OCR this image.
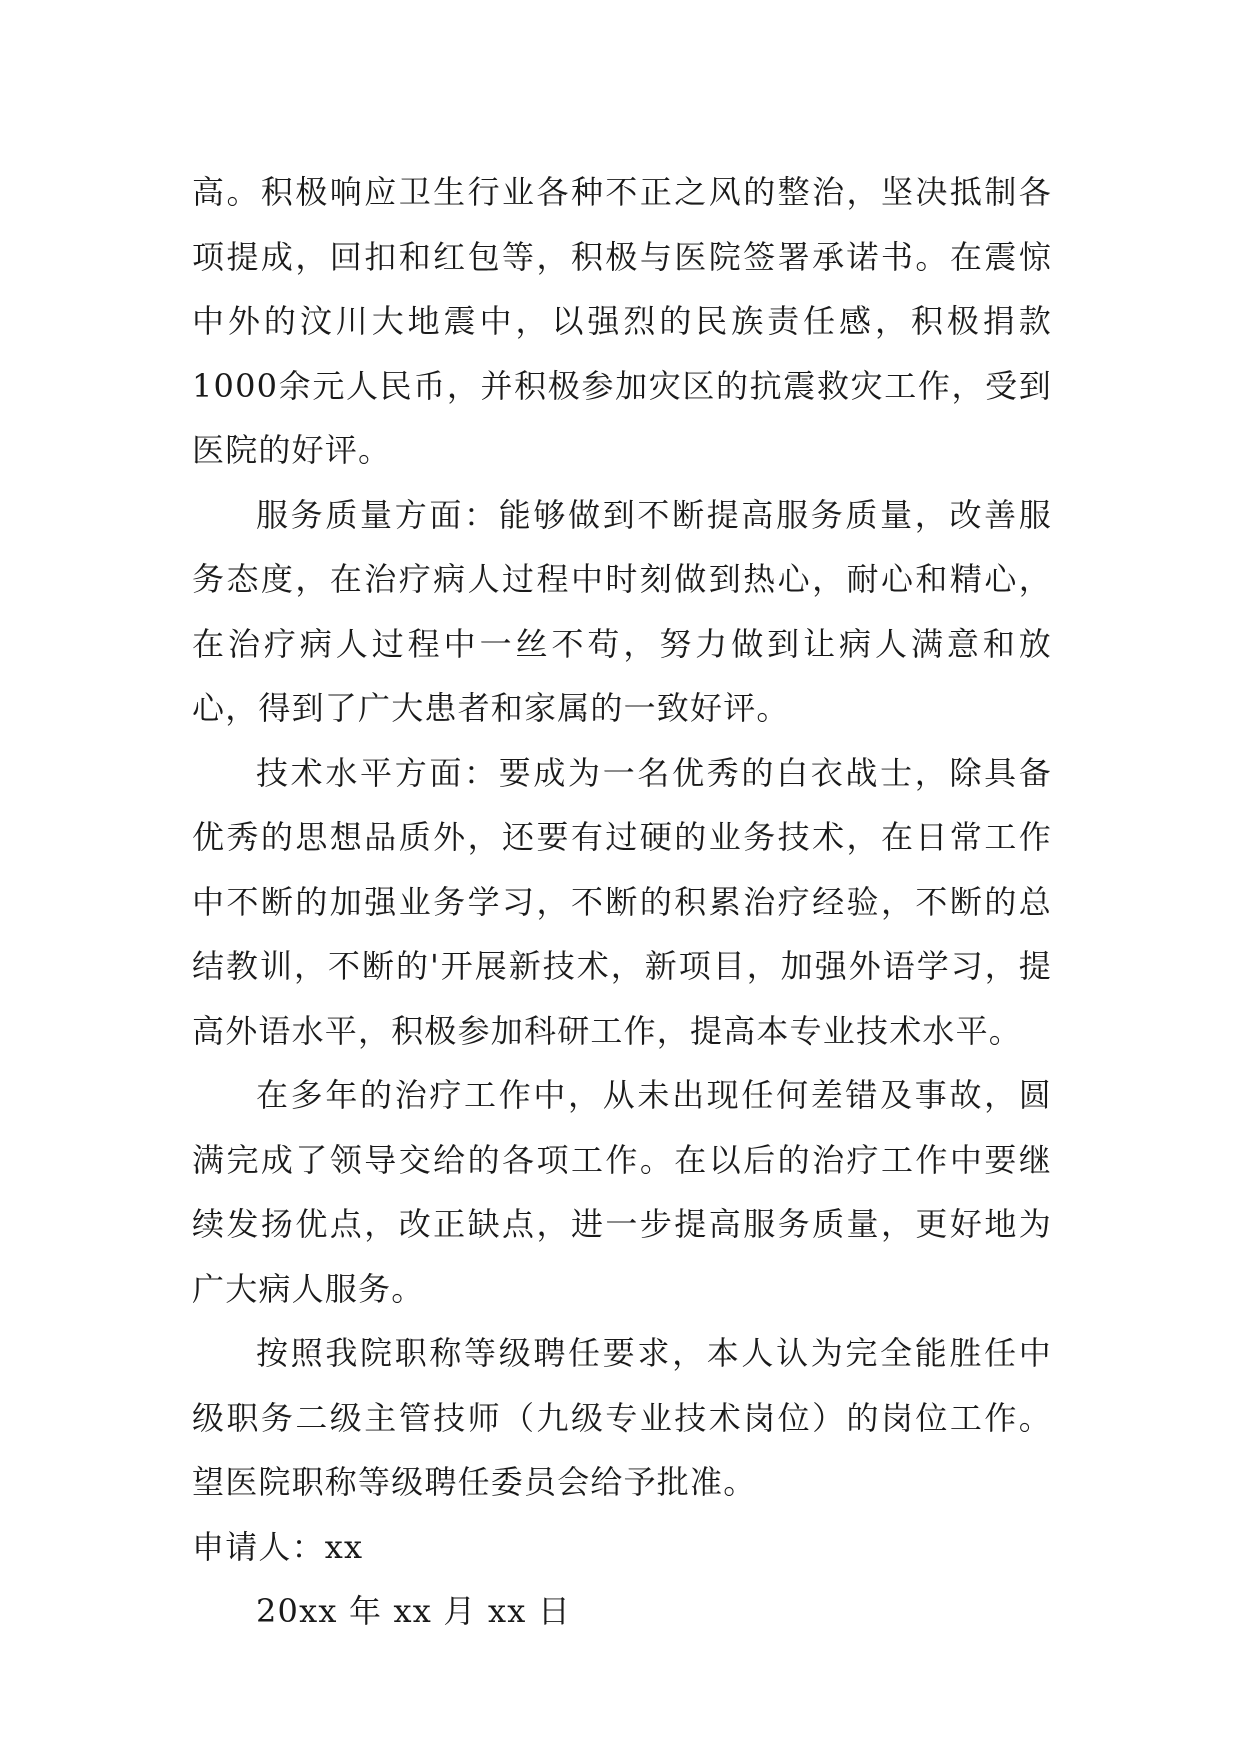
高。积极响应卫生行业各种不正之风的整治，坚决抵制各项提成，回扣和红包等，积极与医院签署承诺书。在震惊中外的汶川大地震中，以强烈的民族责任感，积极捐款1000余元人民币，并积极参加灾区的抗震救灾工作，受到医院的好评。

服务质量方面：能够做到不断提高服务质量，改善服务态度，在治疗病人过程中时刻做到热心，耐心和精心，在治疗病人过程中一丝不苟，努力做到让病人满意和放心，得到了广大患者和家属的一致好评。

技术水平方面：要成为一名优秀的白衣战士，除具备优秀的思想品质外，还要有过硬的业务技术，在日常工作中不断的加强业务学习，不断的积累治疗经验，不断的总结教训，不断的'开展新技术，新项目，加强外语学习，提高外语水平，积极参加科研工作，提高本专业技术水平。

在多年的治疗工作中，从未出现任何差错及事故，圆满完成了领导交给的各项工作。在以后的治疗工作中要继续发扬优点，改正缺点，进一步提高服务质量，更好地为广大病人服务。

按照我院职称等级聘任要求，本人认为完全能胜任中级职务二级主管技师（九级专业技术岗位）的岗位工作。望医院职称等级聘任委员会给予批准。

申请人：xx

20xx 年 xx 月 xx 日
